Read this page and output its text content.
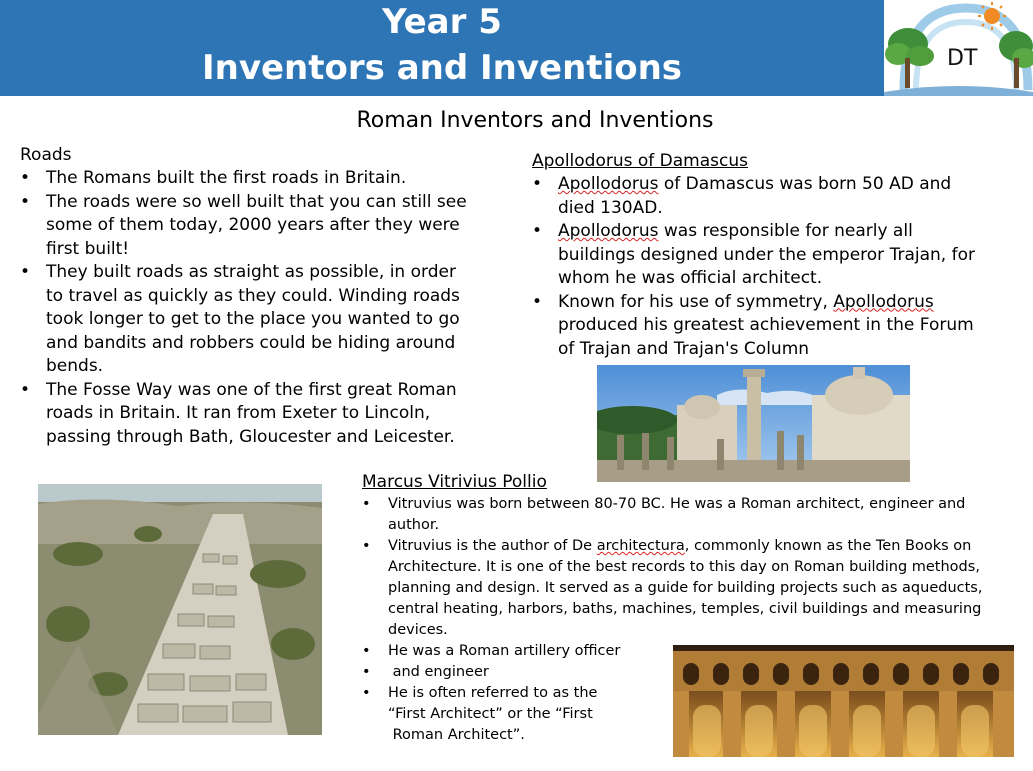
Year 5
Inventors and Inventions	DT
Roman Inventors and Inventions
Roads
• The Romans built the first roads in Britain.
• The roads were so well built that you can still see some of them today, 2000 years after they were first built!
• They built roads as straight as possible, in order to travel as quickly as they could. Winding roads took longer to get to the place you wanted to go and bandits and robbers could be hiding around bends.
• The Fosse Way was one of the first great Roman roads in Britain. It ran from Exeter to Lincoln, passing through Bath, Gloucester and Leicester.
Apollodorus of Damascus
• Apollodorus of Damascus was born 50 AD and died 130AD.
• Apollodorus was responsible for nearly all buildings designed under the emperor Trajan, for whom he was official architect.
• Known for his use of symmetry, Apollodorus produced his greatest achievement in the Forum of Trajan and Trajan's Column
Marcus Vitrivius Pollio
• Vitruvius was born between 80-70 BC. He was a Roman architect, engineer and author.
• Vitruvius is the author of De architectura, commonly known as the Ten Books on Architecture. It is one of the best records to this day on Roman building methods, planning and design. It served as a guide for building projects such as aqueducts, central heating, harbors, baths, machines, temples, civil buildings and measuring devices.
• He was a Roman artillery officer
•  and engineer
• He is often referred to as the
“First Architect” or the “First
Roman Architect”.
